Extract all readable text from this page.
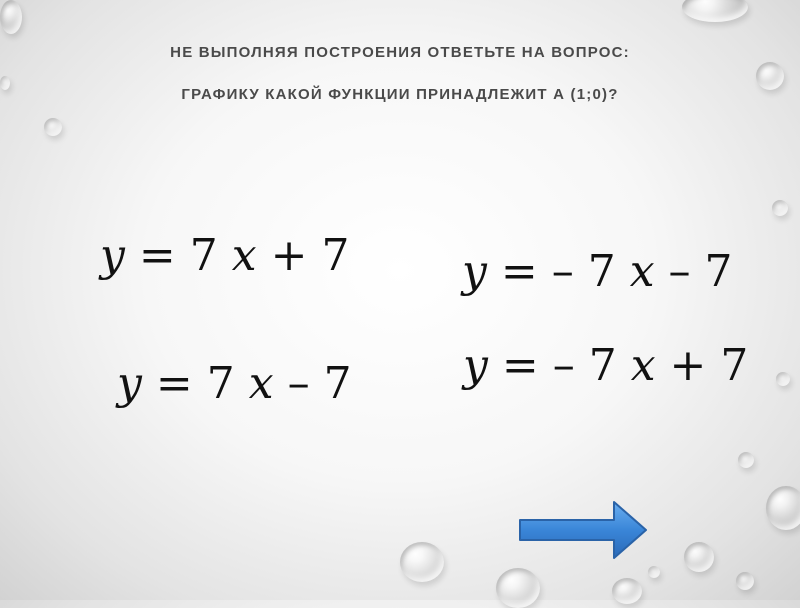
НЕ ВЫПОЛНЯЯ ПОСТРОЕНИЯ ОТВЕТЬТЕ НА ВОПРОС:
ГРАФИКУ КАКОЙ ФУНКЦИИ ПРИНАДЛЕЖИТ А (1;0)?
y = 7 x + 7	y = – 7 x – 7
y = 7 x – 7	y = – 7 x + 7
